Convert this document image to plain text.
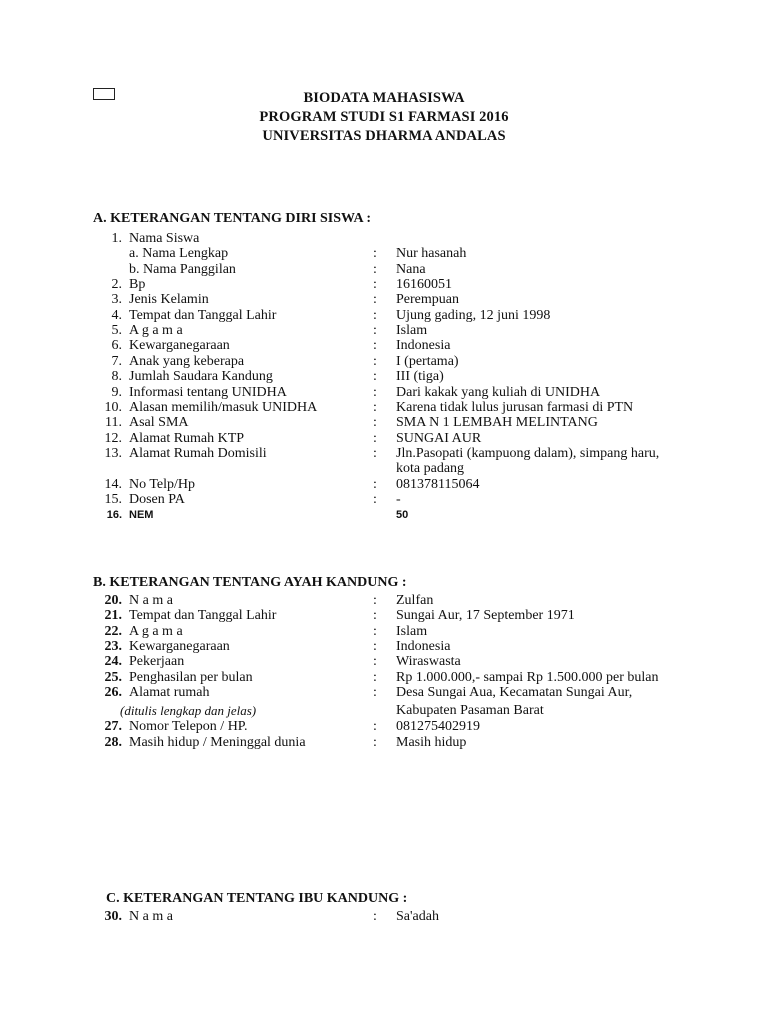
BIODATA MAHASISWA
PROGRAM STUDI S1 FARMASI 2016
UNIVERSITAS DHARMA ANDALAS
A. KETERANGAN TENTANG DIRI SISWA :
1. Nama Siswa
a. Nama Lengkap	: Nur hasanah
b. Nama Panggilan	: Nana
2. Bp	: 16160051
3. Jenis Kelamin	: Perempuan
4. Tempat dan Tanggal Lahir	: Ujung gading, 12 juni 1998
5. A g a m a	: Islam
6. Kewarganegaraan	: Indonesia
7. Anak yang keberapa	: I (pertama)
8. Jumlah Saudara Kandung	: III (tiga)
9. Informasi tentang UNIDHA	: Dari kakak yang kuliah di UNIDHA
10. Alasan memilih/masuk UNIDHA	: Karena tidak lulus jurusan farmasi di PTN
11. Asal SMA	: SMA N 1 LEMBAH MELINTANG
12. Alamat Rumah KTP	: SUNGAI AUR
13. Alamat Rumah Domisili	: Jln.Pasopati (kampuong dalam), simpang haru,
kota padang
14. No Telp/Hp	: 081378115064
15. Dosen PA	: -
16. NEM	50
B. KETERANGAN TENTANG AYAH KANDUNG :
20. N a m a	: Zulfan
21. Tempat dan Tanggal Lahir	: Sungai Aur, 17 September 1971
22. A g a m a	: Islam
23. Kewarganegaraan	: Indonesia
24. Pekerjaan	: Wiraswasta
25. Penghasilan per bulan	: Rp 1.000.000,- sampai Rp 1.500.000 per bulan
26. Alamat rumah	: Desa Sungai Aua, Kecamatan Sungai Aur,
(ditulis lengkap dan jelas)	Kabupaten Pasaman Barat
27. Nomor Telepon / HP.	: 081275402919
28. Masih hidup / Meninggal dunia	: Masih hidup
C. KETERANGAN TENTANG IBU KANDUNG :
30. N a m a	: Sa'adah
